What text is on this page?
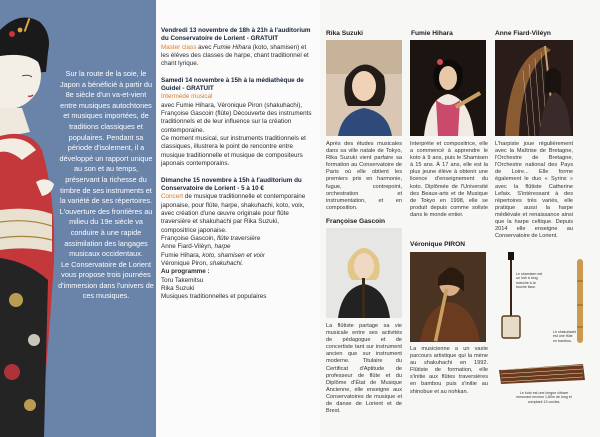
Sur la route de la soie, le Japon a bénéficié à partir du 8e siècle d'un va-et-vient entre musiques autochtones et musiques importées, de traditions classiques et populaires. Pendant sa période d'isolement, il a développé un rapport unique au son et au temps, préservant la richesse du timbre de ses instruments et la variété de ses répertoires. L'ouverture des frontières au milieu du 19e siècle va conduire à une rapide assimilation des langages musicaux occidentaux.
Le Conservatoire de Lorient vous propose trois journées d'immersion dans l'univers de ces musiques.
Vendredi 13 novembre de 18h à 21h à l'auditorium du Conservatoire de Lorient - GRATUIT
Master class avec Fumie Hihara (koto, shamisen) et les élèves des classes de harpe, chant traditionnel et chant lyrique.
Samedi 14 novembre à 15h à la médiathèque de Guidel - GRATUIT
Intermède musical
avec Fumie Hihara, Véronique Piron (shakuhachi), Françoise Gascoin (flûte) Découverte des instruments traditionnels et de leur influence sur la création contemporaine.
Ce moment musical, sur instruments traditionnels et classiques, illustrera le point de rencontre entre musique traditionnelle et musique de compositeurs japonais contemporains.
Dimanche 15 novembre à 15h à l'auditorium du Conservatoire de Lorient - 5 à 10 €
Concert de musique traditionnelle et contemporaine japonaise, pour flûte, harpe, shakuhachi, koto, voix, avec création d'une œuvre originale pour flûte traversière et shakuhachi par Rika Suzuki, compositrice japonaise.
Françoise Gascoin, flûte traversière
Anne Fiard-Viléyn, harpe
Fumie Hihara, koto, shamisen et voix
Véronique Piron, shakuhachi.
Au programme :
Toru Takemitsu
Rika Suzuki
Musiques traditionnelles et populaires
Rika Suzuki
Après des études musicales dans sa ville natale de Tokyo, Rika Suzuki vient parfaire sa formation au Conservatoire de Paris où elle obtient les premiers prix en harmonie, fugue, contrepoint, orchestration et instrumentation, et en composition.
Fumie Hihara
Interprète et compositrice, elle a commencé à apprendre le koto à 9 ans, puis le Shamisen à 15 ans. À 17 ans, elle est la plus jeune élève à obtenir une licence d'enseignement du koto. Diplômée de l'Université des Beaux-arts et de Musique de Tokyo en 1998, elle se produit depuis comme soliste dans le monde entier.
Anne Fiard-Viléyn
L'harpiste joue régulièrement avec la Maîtrise de Bretagne, l'Orchestre de Bretagne, l'Orchestre national des Pays de Loire... Elle forme également le duo « Syrinx » avec la flûtiste Catherine Lefaix. S'intéressant à des répertoires très variés, elle pratique aussi la harpe médiévale et renaissance ainsi que la harpe celtique. Depuis 2014 elle enseigne au Conservatoire de Lorient.
Françoise Gascoin
La flûtiste partage sa vie musicale entre ses activités de pédagogue et de concertiste tant sur instrument ancien que sur instrument moderne. Titulaire du Certificat d'Aptitude de professeur de flûte et du Diplôme d'État de Musique Ancienne, elle enseigne aux Conservatoires de musique et de danse de Lorient et de Brest.
Véronique PIRON
La musicienne a un vaste parcours artistique qui la mène au shakuhachi en 1992. Flûtiste de formation, elle s'initie aux flûtes traversières en bambou puis s'initie au shinobue et au nohkan.
Le shamisen est un luth à long manche à la touche lisse.
Le shakuhachi est une flûte en bambou.
Le koto est une longue cithare mesurant environ 1,80m de long et comptant 13 cordes.
